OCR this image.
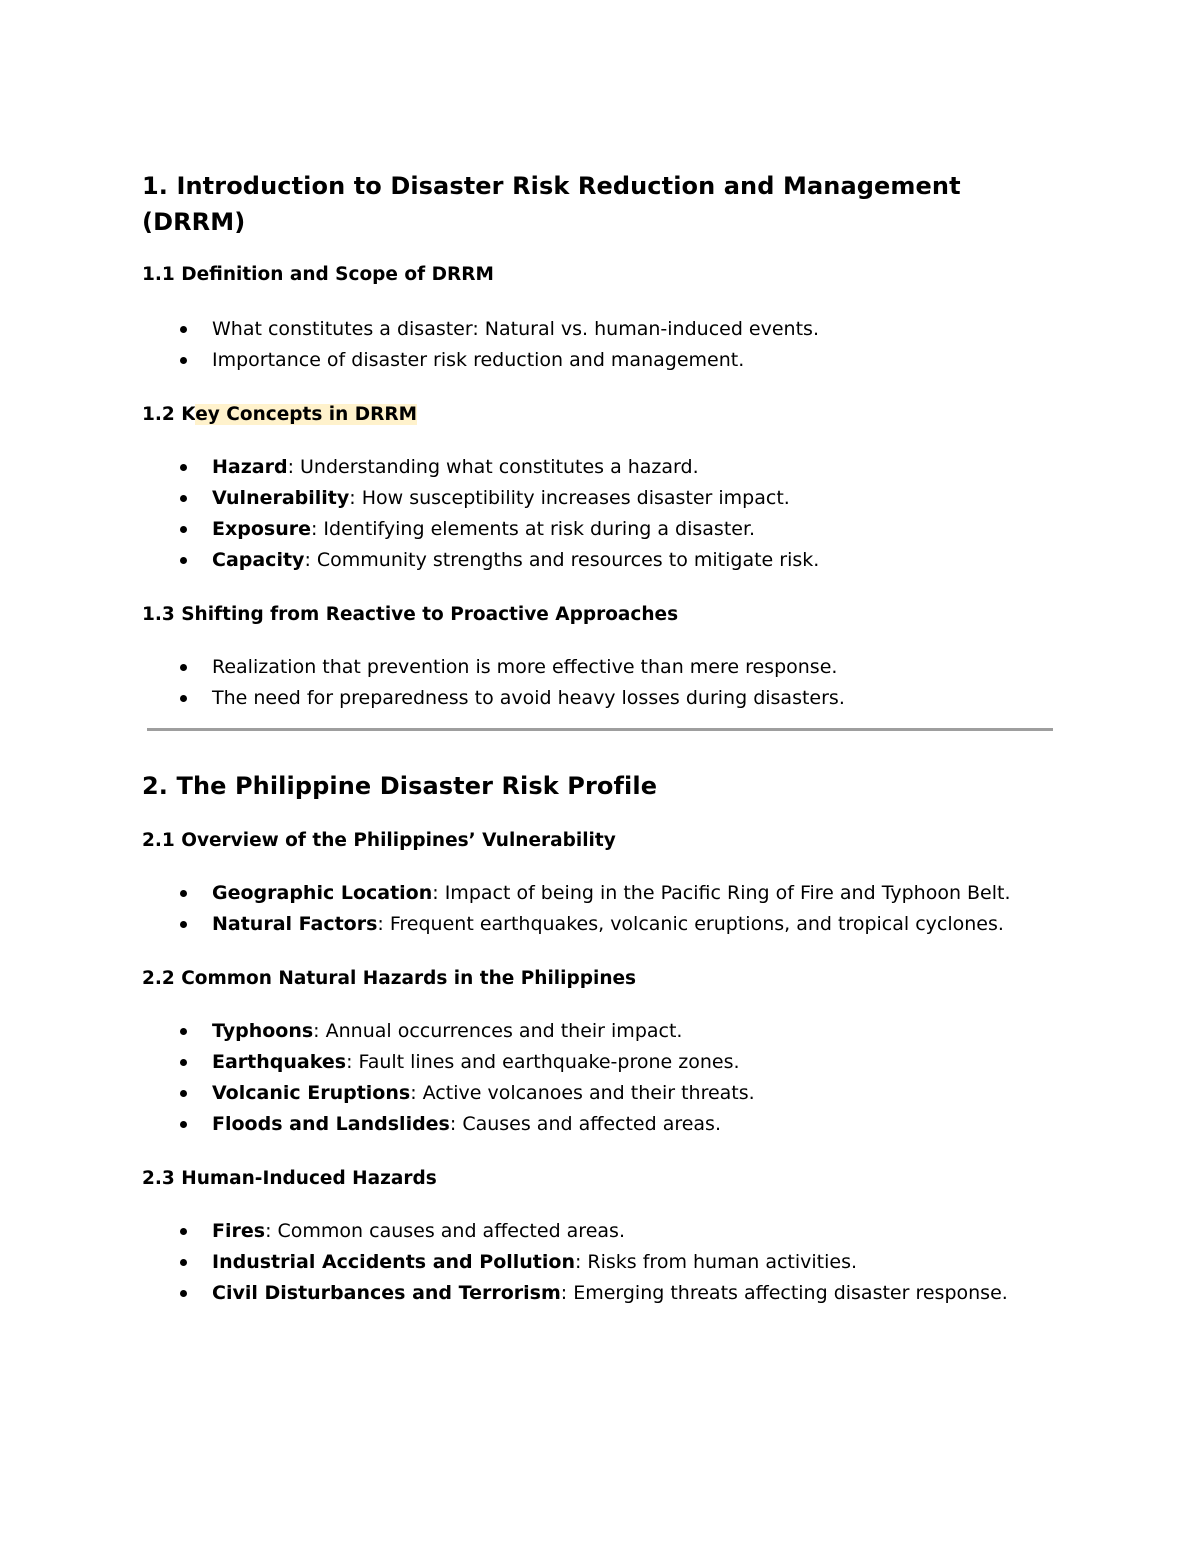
1. Introduction to Disaster Risk Reduction and Management (DRRM)
1.1 Definition and Scope of DRRM
What constitutes a disaster: Natural vs. human-induced events.
Importance of disaster risk reduction and management.
1.2 Key Concepts in DRRM
Hazard: Understanding what constitutes a hazard.
Vulnerability: How susceptibility increases disaster impact.
Exposure: Identifying elements at risk during a disaster.
Capacity: Community strengths and resources to mitigate risk.
1.3 Shifting from Reactive to Proactive Approaches
Realization that prevention is more effective than mere response.
The need for preparedness to avoid heavy losses during disasters.
2. The Philippine Disaster Risk Profile
2.1 Overview of the Philippines’ Vulnerability
Geographic Location: Impact of being in the Pacific Ring of Fire and Typhoon Belt.
Natural Factors: Frequent earthquakes, volcanic eruptions, and tropical cyclones.
2.2 Common Natural Hazards in the Philippines
Typhoons: Annual occurrences and their impact.
Earthquakes: Fault lines and earthquake-prone zones.
Volcanic Eruptions: Active volcanoes and their threats.
Floods and Landslides: Causes and affected areas.
2.3 Human-Induced Hazards
Fires: Common causes and affected areas.
Industrial Accidents and Pollution: Risks from human activities.
Civil Disturbances and Terrorism: Emerging threats affecting disaster response.
